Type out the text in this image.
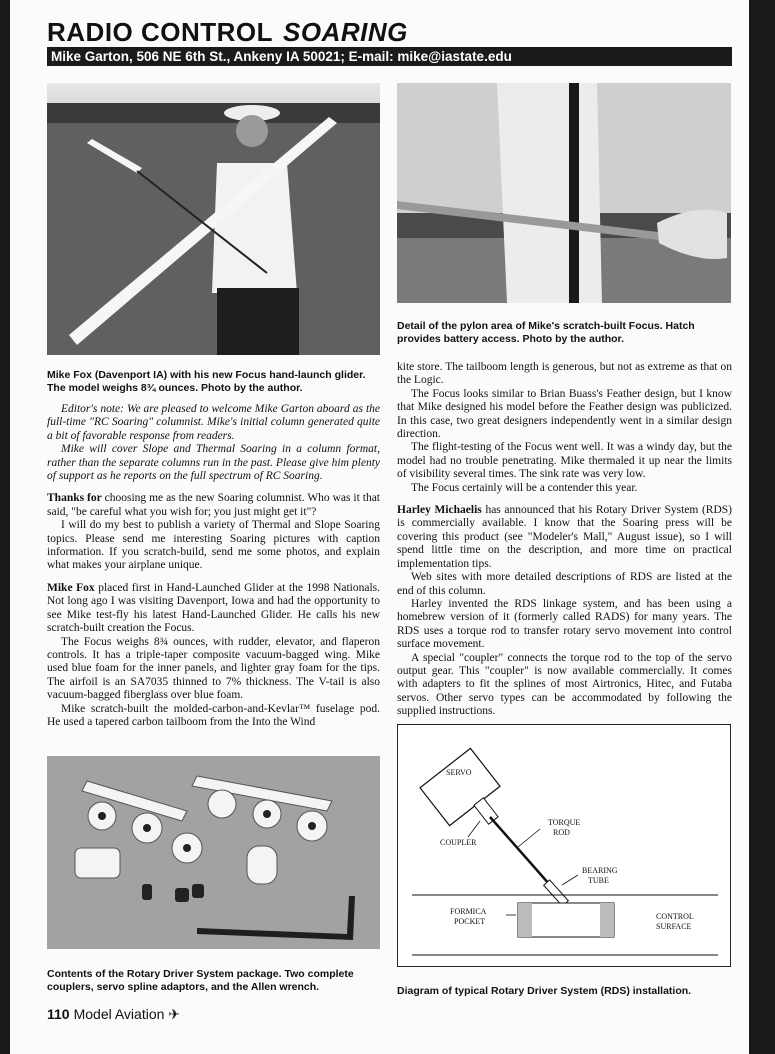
RADIO CONTROL SOARING
Mike Garton, 506 NE 6th St., Ankeny IA 50021; E-mail: mike@iastate.edu
Mike Fox (Davenport IA) with his new Focus hand-launch glider. The model weighs 8¾ ounces. Photo by the author.
Detail of the pylon area of Mike's scratch-built Focus. Hatch provides battery access. Photo by the author.

Editor's note: We are pleased to welcome Mike Garton aboard as the full-time "RC Soaring" columnist. Mike's initial column generated quite a bit of favorable response from readers.

Mike will cover Slope and Thermal Soaring in a column format, rather than the separate columns run in the past. Please give him plenty of support as he reports on the full spectrum of RC Soaring.

Thanks for choosing me as the new Soaring columnist. Who was it that said, "be careful what you wish for; you just might get it"?

I will do my best to publish a variety of Thermal and Slope Soaring topics. Please send me interesting Soaring pictures with caption information. If you scratch-build, send me some photos, and explain what makes your airplane unique.

Mike Fox placed first in Hand-Launched Glider at the 1998 Nationals. Not long ago I was visiting Davenport, Iowa and had the opportunity to see Mike test-fly his latest Hand-Launched Glider. He calls his new scratch-built creation the Focus.

The Focus weighs 8¾ ounces, with rudder, elevator, and flaperon controls. It has a triple-taper composite vacuum-bagged wing. Mike used blue foam for the inner panels, and lighter gray foam for the tips. The airfoil is an SA7035 thinned to 7% thickness. The V-tail is also vacuum-bagged fiberglass over blue foam.

Mike scratch-built the molded-carbon-and-Kevlar™ fuselage pod. He used a tapered carbon tailboom from the Into the Wind

kite store. The tailboom length is generous, but not as extreme as that on the Logic.

The Focus looks similar to Brian Buass's Feather design, but I know that Mike designed his model before the Feather design was publicized. In this case, two great designers independently went in a similar design direction.

The flight-testing of the Focus went well. It was a windy day, but the model had no trouble penetrating. Mike thermaled it up near the limits of visibility several times. The sink rate was very low.

The Focus certainly will be a contender this year.

Harley Michaelis has announced that his Rotary Driver System (RDS) is commercially available. I know that the Soaring press will be covering this product (see "Modeler's Mall," August issue), so I will spend little time on the description, and more time on practical implementation tips.

Web sites with more detailed descriptions of RDS are listed at the end of this column.

Harley invented the RDS linkage system, and has been using a homebrew version of it (formerly called RADS) for many years. The RDS uses a torque rod to transfer rotary servo movement into control surface movement.

A special "coupler" connects the torque rod to the top of the servo output gear. This "coupler" is now available commercially. It comes with adapters to fit the splines of most Airtronics, Hitec, and Futaba servos. Other servo types can be accommodated by following the supplied instructions.

Contents of the Rotary Driver System package. Two complete couplers, servo spline adaptors, and the Allen wrench.
SERVO
COUPLER
TORQUE
ROD
BEARING
TUBE
FORMICA
POCKET
CONTROL
SURFACE
Diagram of typical Rotary Driver System (RDS) installation.
110 Model Aviation ✈
